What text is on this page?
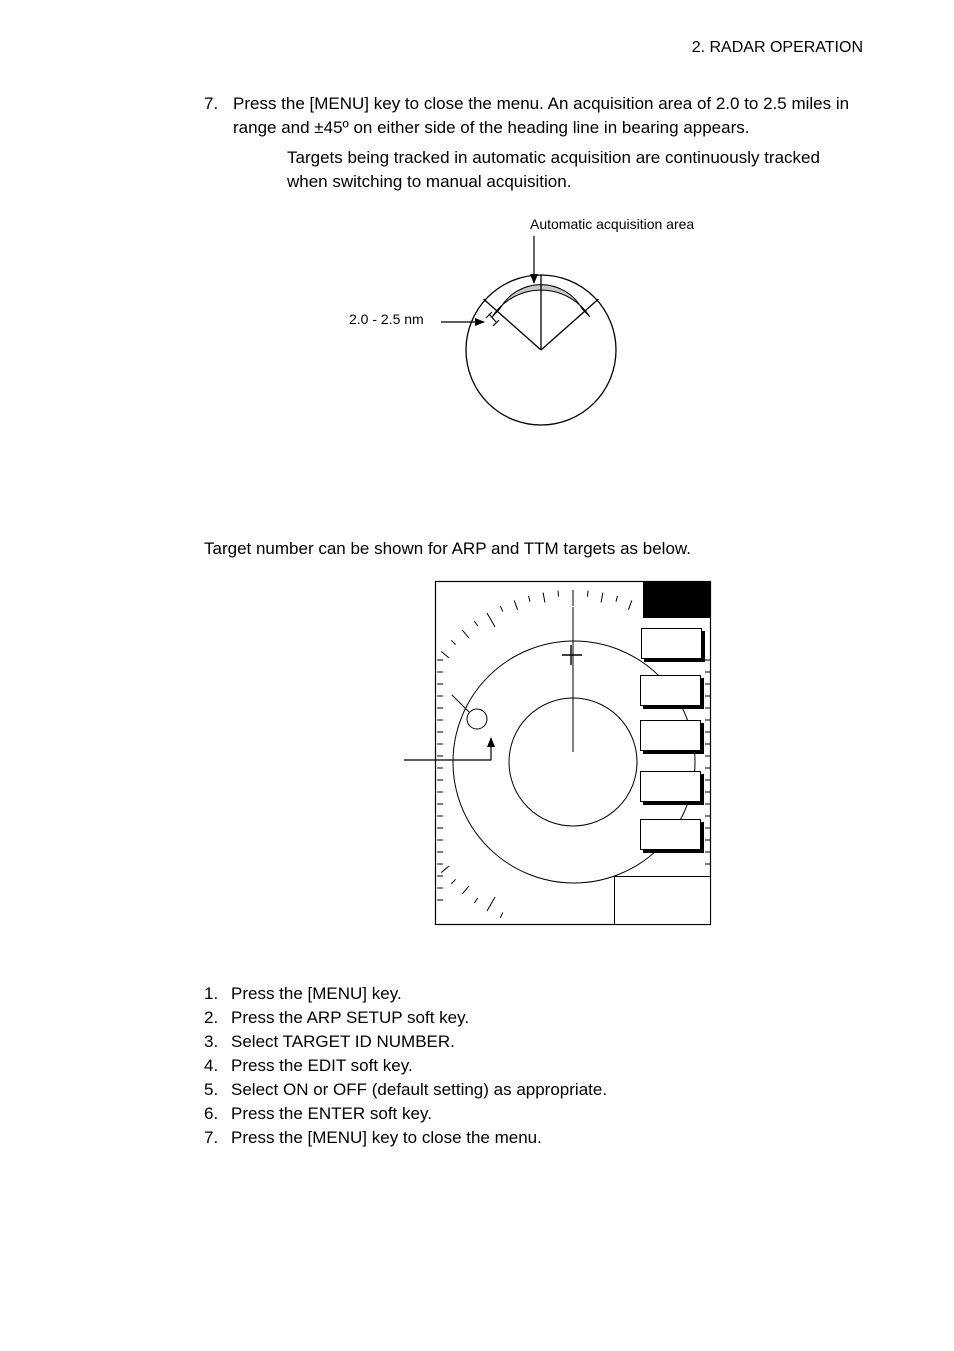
2. RADAR OPERATION
7. Press the [MENU] key to close the menu. An acquisition area of 2.0 to 2.5 miles in range and ±45º on either side of the heading line in bearing appears.
Targets being tracked in automatic acquisition are continuously tracked when switching to manual acquisition.
Automatic acquisition area
2.0 - 2.5 nm
Target number can be shown for ARP and TTM targets as below.
1. Press the [MENU] key.
2. Press the ARP SETUP soft key.
3. Select TARGET ID NUMBER.
4. Press the EDIT soft key.
5. Select ON or OFF (default setting) as appropriate.
6. Press the ENTER soft key.
7. Press the [MENU] key to close the menu.
